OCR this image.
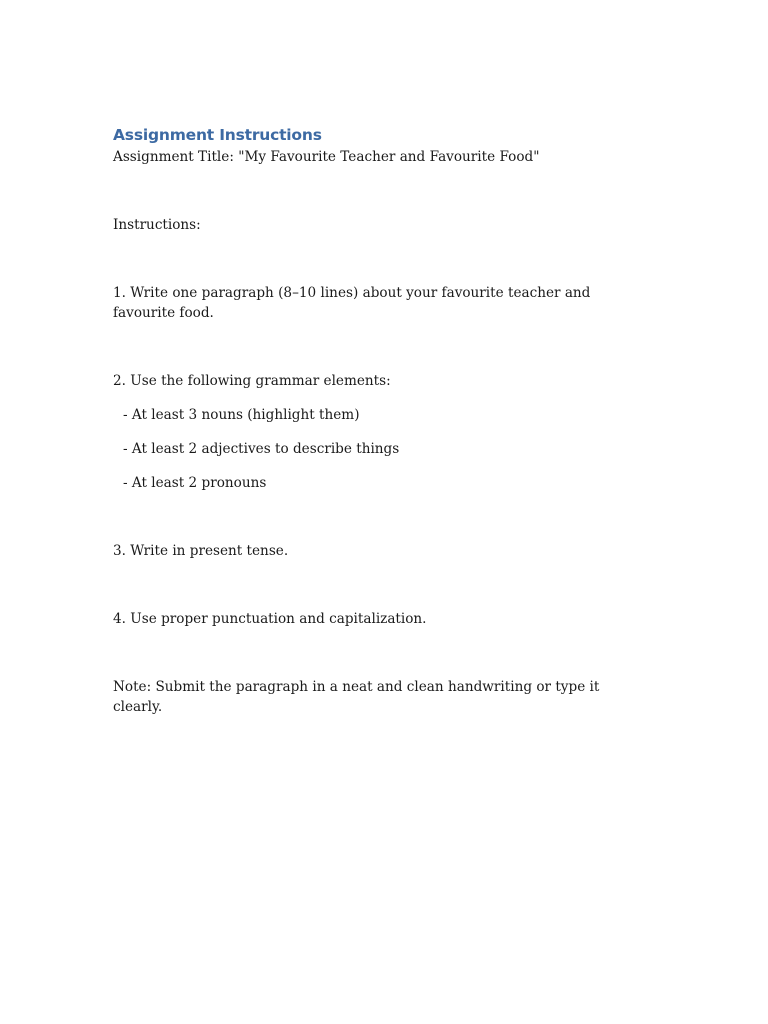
Assignment Instructions

Assignment Title: "My Favourite Teacher and Favourite Food"

Instructions:

1. Write one paragraph (8–10 lines) about your favourite teacher and favourite food.

2. Use the following grammar elements:

- At least 3 nouns (highlight them)

- At least 2 adjectives to describe things

- At least 2 pronouns

3. Write in present tense.

4. Use proper punctuation and capitalization.

Note: Submit the paragraph in a neat and clean handwriting or type it clearly.
